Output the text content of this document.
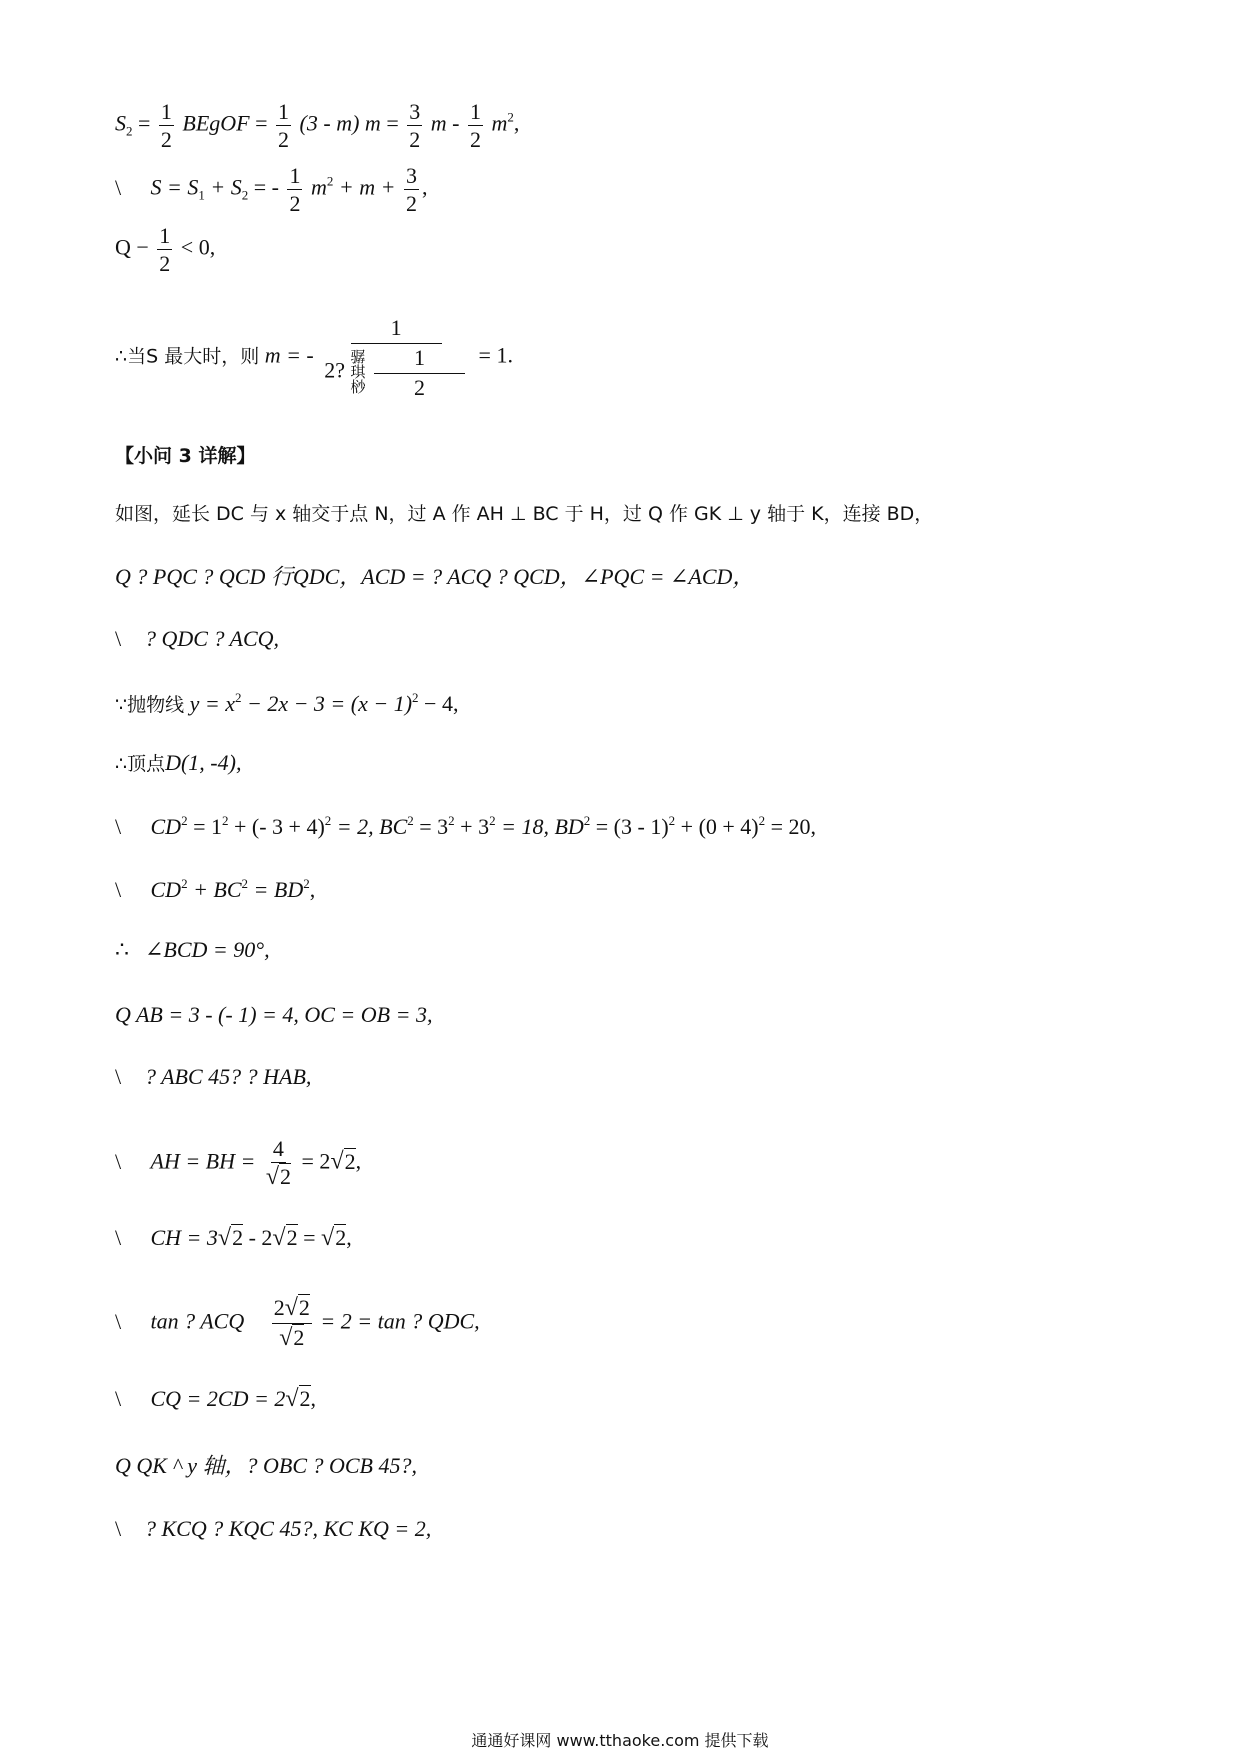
$S_2 = \frac{1}{2}$ BEgOF = $\frac{1}{2} (3 - m) m = \frac{3}{2}$ m - $\frac{1}{2} m^2$,
\ $S = S_1 + S_2$ = - $\frac{1}{2} m^2 + m + \frac{3}{2}$ ,
$Q - \frac{1}{2} < 0$,
∴当S 最大时，则 m = - 1
2?
骣
琪
桫
$\frac{1}{2} = 1$.
【小问 3 详解】
如图，延长 DC 与 x 轴交于点 N，过 A 作 AH ⊥ BC 于 H，过 Q 作 GK ⊥ y 轴于 K，连接 BD，
Q ? PQC ? QCD 行QDC，ACD = ? ACQ ? QCD，∠PQC = ∠ACD，
\ ? QDC ? ACQ,
∵抛物线 $y = x^2 - 2x - 3 = (x - 1)^2 - 4$,
∴顶点D(1, -4),
\ $CD^2 = 1^2$ + (- 3 + 4)$^2$ = 2, $BC^2 = 3^2 + 3^2 = 18$, $BD^2 = (3 - 1)^2 + (0 + 4)^2 = 20$,
\ $CD^2 + BC^2 = BD^2$,
∴ ∠BCD = 90°,
Q AB = 3 - (- 1) = 4, OC = OB = 3,
\ ? ABC 45? ? HAB,
\ AH = BH = $\frac{4}{√2} = 2√2$,
\ CH = 3√2 - 2√2 = √2,
\ tan ? ACQ $\frac{2√2}{√2} = 2 = \tan$ ? QDC,
\ CQ = 2CD = 2√2,
Q QK ^ y 轴，? OBC ? OCB 45?,
\ ? KCQ ? KQC 45?, KC KQ = 2,
通通好课网 www.tthaoke.com 提供下载
